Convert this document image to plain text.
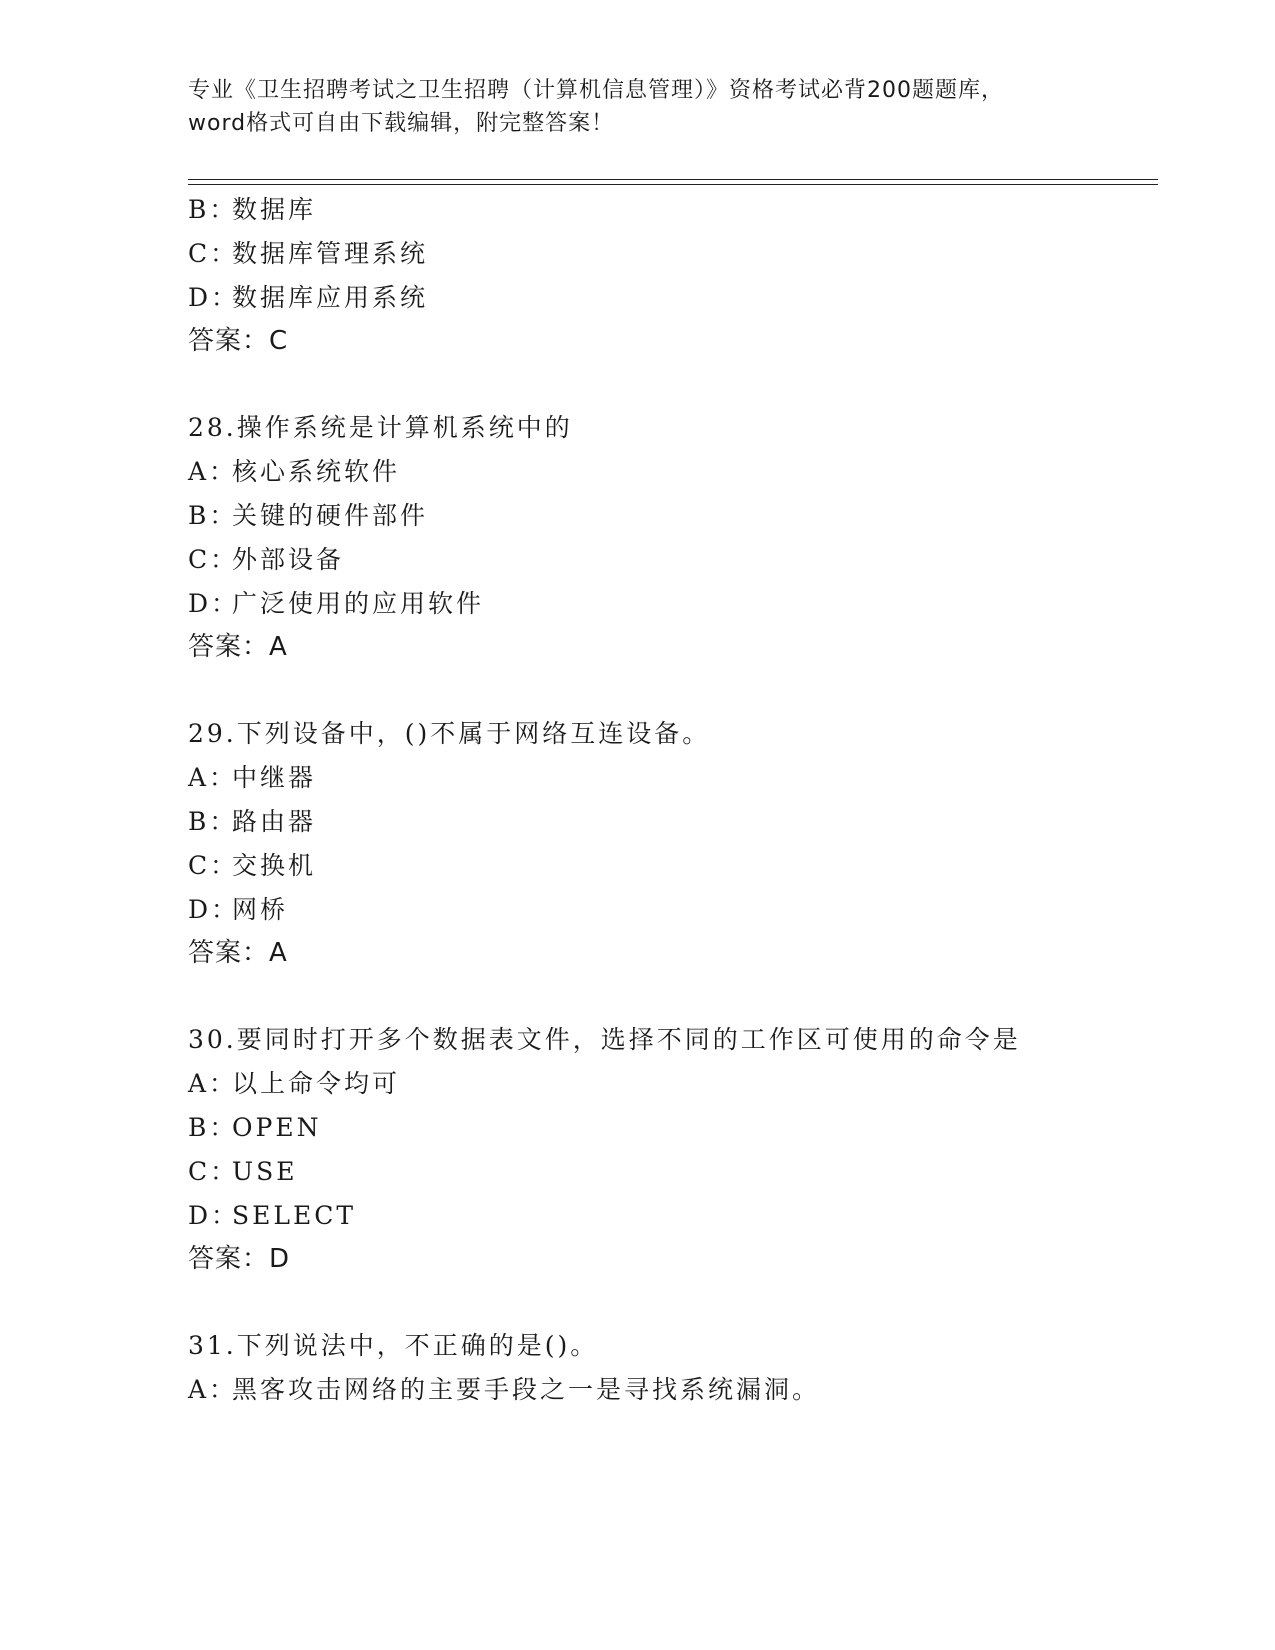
专业《卫生招聘考试之卫生招聘（计算机信息管理）》资格考试必背200题题库，
word格式可自由下载编辑，附完整答案！
B：数据库
C：数据库管理系统
D：数据库应用系统
答案：C
28.操作系统是计算机系统中的
A：核心系统软件
B：关键的硬件部件
C：外部设备
D：广泛使用的应用软件
答案：A
29.下列设备中，()不属于网络互连设备。
A：中继器
B：路由器
C：交换机
D：网桥
答案：A
30.要同时打开多个数据表文件，选择不同的工作区可使用的命令是
A：以上命令均可
B：OPEN
C：USE
D：SELECT
答案：D
31.下列说法中，不正确的是()。
A：黑客攻击网络的主要手段之一是寻找系统漏洞。
